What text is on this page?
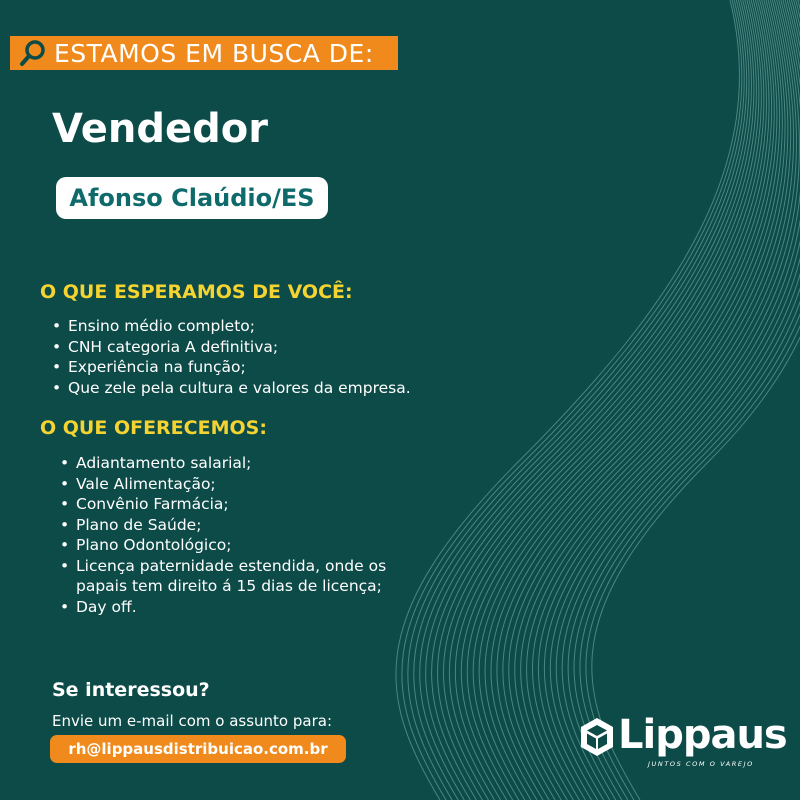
ESTAMOS EM BUSCA DE:
Vendedor
Afonso Claúdio/ES
O QUE ESPERAMOS DE VOCÊ:
• Ensino médio completo;
• CNH categoria A definitiva;
• Experiência na função;
• Que zele pela cultura e valores da empresa.
O QUE OFERECEMOS:
• Adiantamento salarial;
• Vale Alimentação;
• Convênio Farmácia;
• Plano de Saúde;
• Plano Odontológico;
• Licença paternidade estendida, onde os
papais tem direito á 15 dias de licença;
• Day off.
Se interessou?
Envie um e-mail com o assunto para:
rh@lippausdistribuicao.com.br	Lippaus
JUNTOS COM O VAREJO
